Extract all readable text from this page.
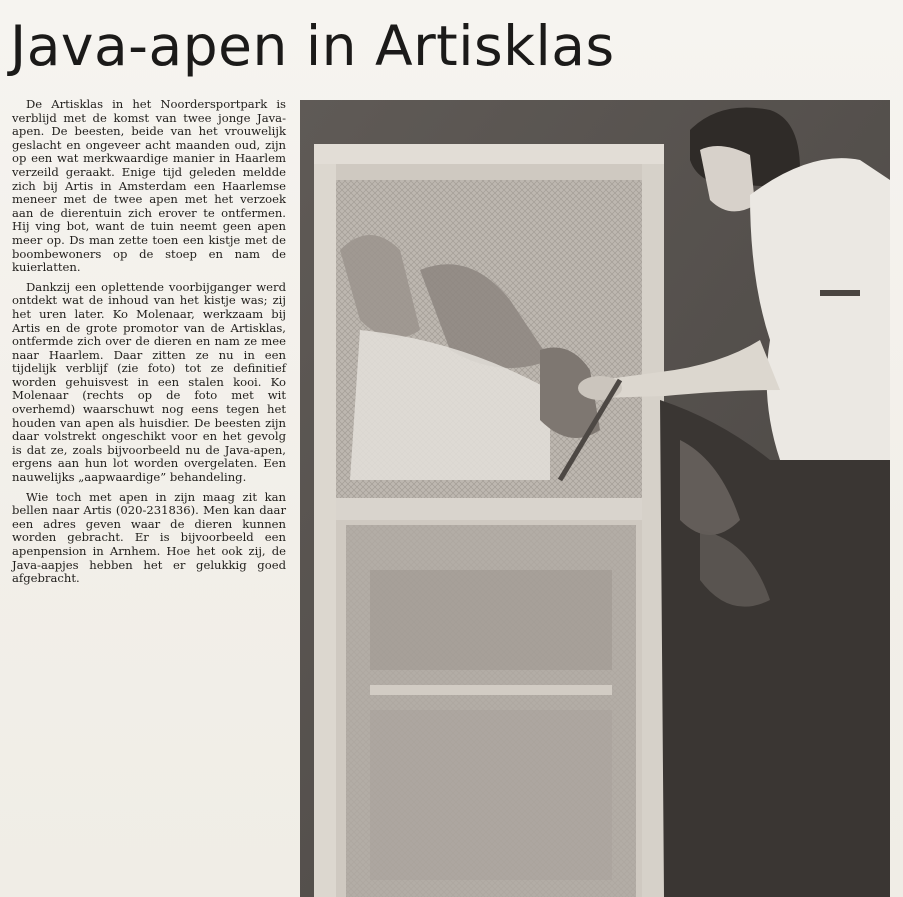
Java-apen in Artisklas

De Artisklas in het Noordersportpark is verblijd met de komst van twee jonge Java-apen. De beesten, beide van het vrouwelijk geslacht en ongeveer acht maanden oud, zijn op een wat merkwaardige manier in Haarlem verzeild geraakt. Enige tijd geleden meldde zich bij Artis in Amsterdam een Haarlemse meneer met de twee apen met het verzoek aan de dierentuin zich erover te ontfermen. Hij ving bot, want de tuin neemt geen apen meer op. Ds man zette toen een kistje met de boombewoners op de stoep en nam de kuierlatten.

Dankzij een oplettende voorbijganger werd ontdekt wat de inhoud van het kistje was; zij het uren later. Ko Molenaar, werkzaam bij Artis en de grote promotor van de Artisklas, ontfermde zich over de dieren en nam ze mee naar Haarlem. Daar zitten ze nu in een tijdelijk verblijf (zie foto) tot ze definitief worden gehuisvest in een stalen kooi. Ko Molenaar (rechts op de foto met wit overhemd) waarschuwt nog eens tegen het houden van apen als huisdier. De beesten zijn daar volstrekt ongeschikt voor en het gevolg is dat ze, zoals bijvoorbeeld nu de Java-apen, ergens aan hun lot worden overgelaten. Een nauwelijks „aapwaardige” behandeling.

Wie toch met apen in zijn maag zit kan bellen naar Artis (020-231836). Men kan daar een adres geven waar de dieren kunnen worden gebracht. Er is bijvoorbeeld een apenpension in Arnhem. Hoe het ook zij, de Java-aapjes hebben het er gelukkig goed afgebracht.
